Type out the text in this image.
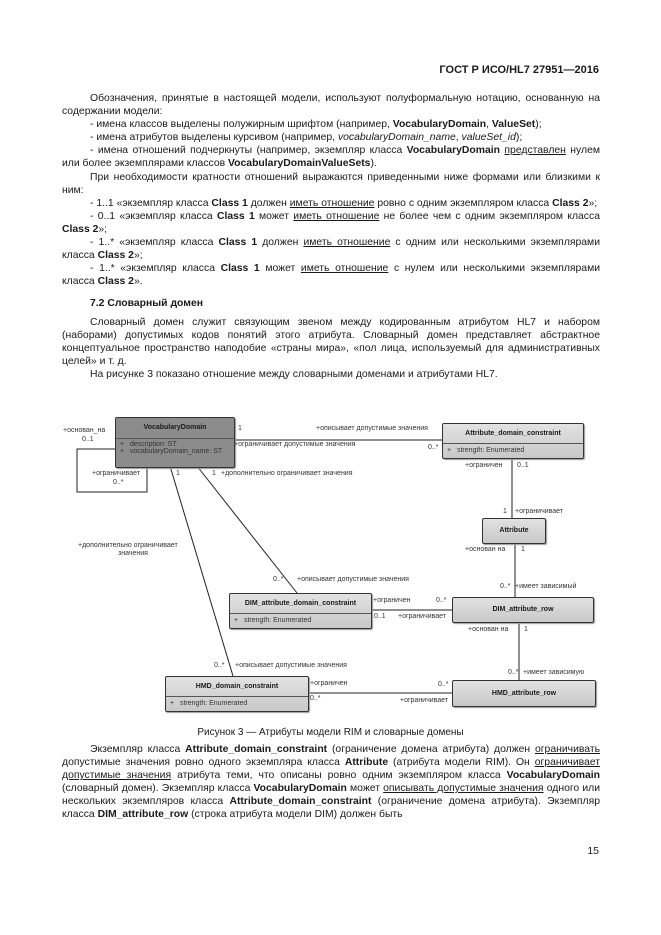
ГОСТ Р ИСО/HL7 27951—2016

Обозначения, принятые в настоящей модели, используют полуформальную нотацию, основанную на содержании модели:

- имена классов выделены полужирным шрифтом (например, VocabularyDomain, ValueSet);

- имена атрибутов выделены курсивом (например, vocabularyDomain_name, valueSet_id);

- имена отношений подчеркнуты (например, экземпляр класса VocabularyDomain представлен нулем или более экземплярами классов VocabularyDomainValueSets).

При необходимости кратности отношений выражаются приведенными ниже формами или близкими к ним:

- 1..1 «экземпляр класса Class 1 должен иметь отношение ровно с одним экземпляром класса Class 2»;

- 0..1 «экземпляр класса Class 1 может иметь отношение не более чем с одним экземпляром класса Class 2»;

- 1..* «экземпляр класса Class 1 должен иметь отношение с одним или несколькими экземплярами класса Class 2»;

- 1..* «экземпляр класса Class 1 может иметь отношение с нулем или несколькими экземплярами класса Class 2».

7.2 Словарный домен

Словарный домен служит связующим звеном между кодированным атрибутом HL7 и набором (наборами) допустимых кодов понятий этого атрибута. Словарный домен представляет абстрактное концептуальное пространство наподобие «страны мира», «пол лица, используемый для административных целей» и т. д.

На рисунке 3 показано отношение между словарными доменами и атрибутами HL7.

VocabularyDomain
+ description: ST
+ vocabularyDomain_name: ST
Attribute_domain_constraint
+ strength: Enumerated
Attribute
DIM_attribute_domain_constraint
+ strength: Enumerated
DIM_attribute_row
HMD_domain_constraint
+ strength: Enumerated
HMD_attribute_row
+основан_на
0..1
+ограничивает
0..*
1	+описывает допустимые значения
+ограничивает допустимые значения	0..*
1	1 +дополнительно ограничивает значения
+дополнительно ограничивает
значения
+ограничен 0..1
1 +ограничивает
+основан на 1
0..* +описывает допустимые значения
0..* +имеет зависимый
+ограничен	0..*
0..1 +ограничивает
+основан на 1
0..* +описывает допустимые значения
0..* +имеет зависимую
+ограничен	0..*
0..*	+ограничивает
Рисунок 3 — Атрибуты модели RIM и словарные домены

Экземпляр класса Attribute_domain_constraint (ограничение домена атрибута) должен ограничивать допустимые значения ровно одного экземпляра класса Attribute (атрибута модели RIM). Он ограничивает допустимые значения атрибута теми, что описаны ровно одним экземпляром класса VocabularyDomain (словарный домен). Экземпляр класса VocabularyDomain может описывать допустимые значения одного или нескольких экземпляров класса Attribute_domain_constraint (ограничение домена атрибута). Экземпляр класса DIM_attribute_row (строка атрибута модели DIM) должен быть

15
